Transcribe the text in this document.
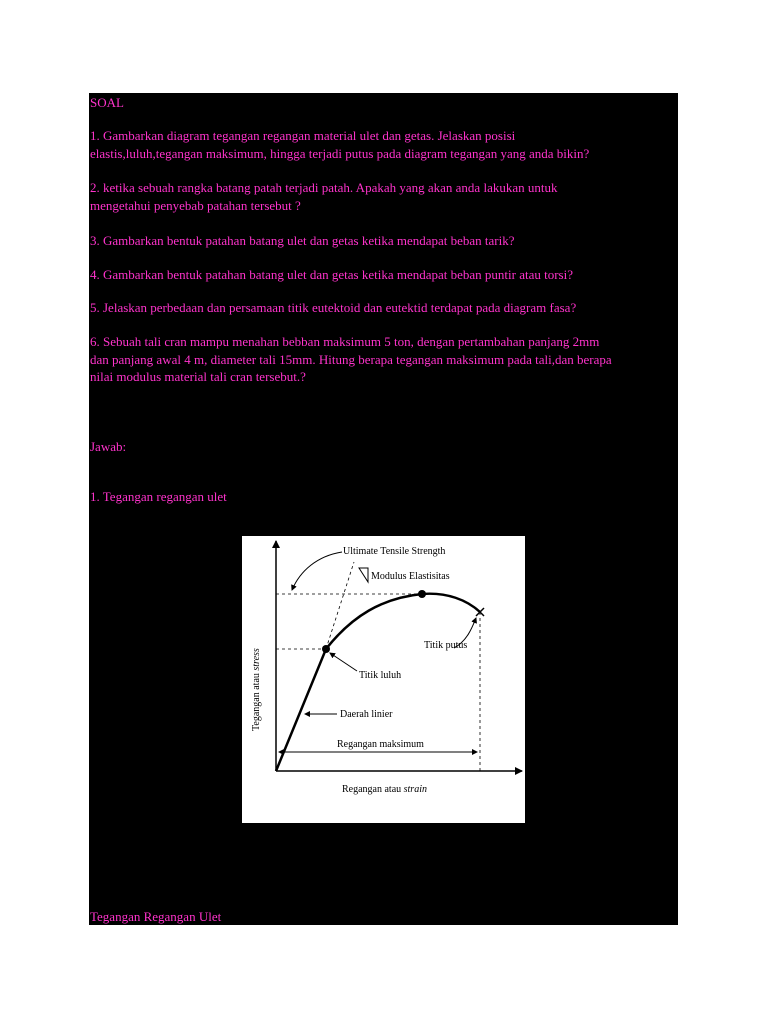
SOAL

1. Gambarkan diagram tegangan regangan material ulet dan getas. Jelaskan posisi

elastis,luluh,tegangan maksimum, hingga terjadi putus pada diagram tegangan yang anda bikin?

2. ketika sebuah rangka batang patah terjadi patah. Apakah yang akan anda lakukan untuk

mengetahui penyebab patahan tersebut ?

3. Gambarkan bentuk patahan batang ulet dan getas ketika mendapat beban tarik?

4. Gambarkan bentuk patahan batang ulet dan getas ketika mendapat beban puntir atau torsi?

5. Jelaskan perbedaan dan persamaan titik eutektoid dan eutektid terdapat pada diagram fasa?

6. Sebuah tali cran mampu menahan bebban maksimum 5 ton, dengan pertambahan panjang 2mm

dan panjang awal 4 m, diameter tali 15mm. Hitung berapa tegangan maksimum pada tali,dan berapa

nilai modulus material tali cran tersebut.?

Jawab:

1. Tegangan regangan ulet

Ultimate Tensile Strength
Modulus Elastisitas
Titik putus
Titik luluh
Daerah linier
Regangan maksimum
Regangan atau strain
Tegangan atau stress

Tegangan Regangan Ulet
